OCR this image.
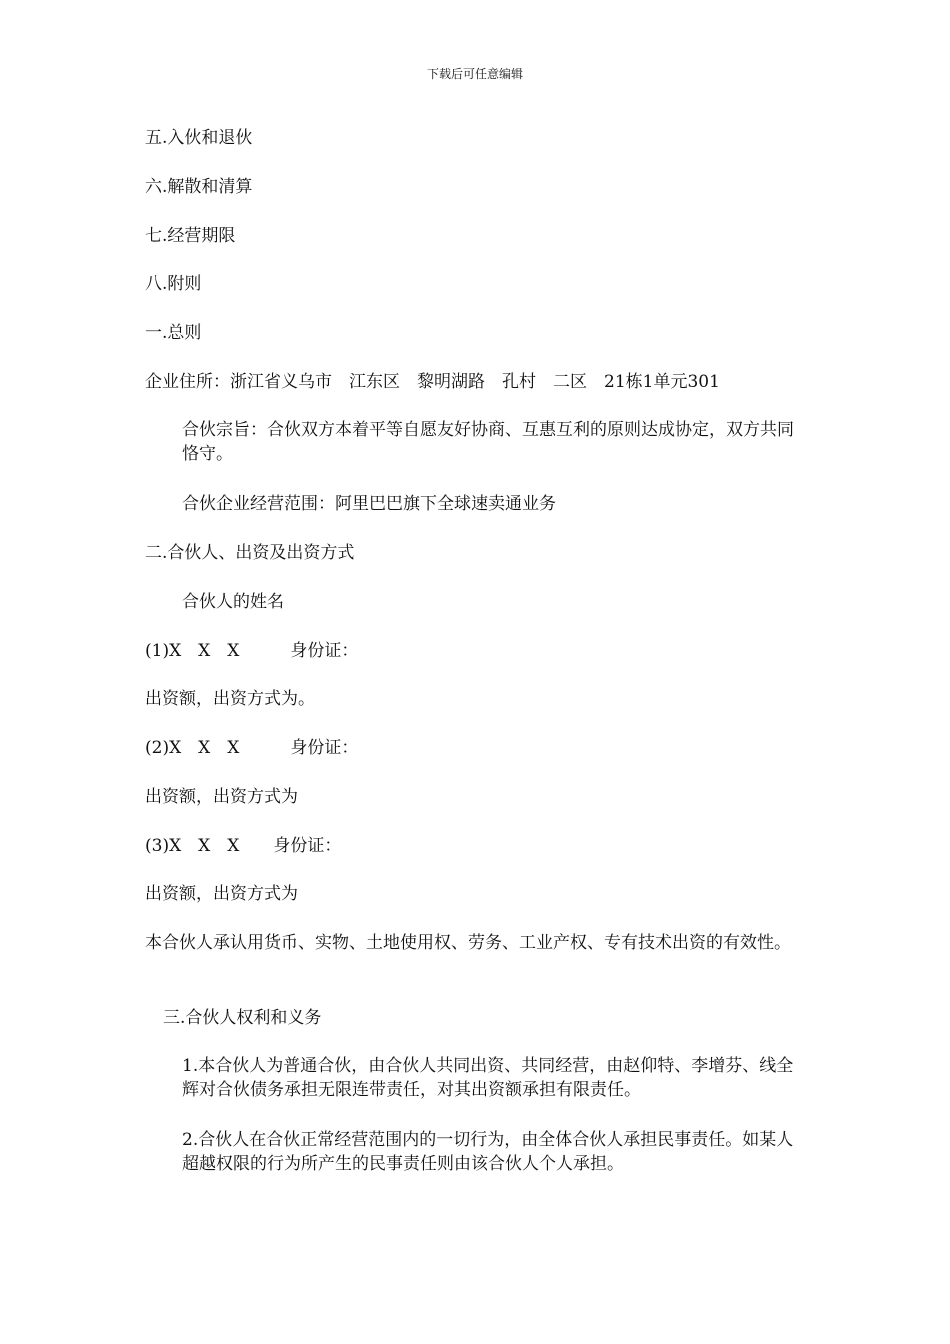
下载后可任意编辑

五.入伙和退伙

六.解散和清算

七.经营期限

八.附则

一.总则

企业住所：浙江省义乌市　江东区　黎明湖路　孔村　二区　21栋1单元301

合伙宗旨：合伙双方本着平等自愿友好协商、互惠互利的原则达成协定，双方共同恪守。

合伙企业经营范围：阿里巴巴旗下全球速卖通业务

二.合伙人、出资及出资方式

合伙人的姓名

(1)X　X　X　　　身份证：

出资额，出资方式为。

(2)X　X　X　　　身份证：

出资额，出资方式为

(3)X　X　X　　身份证：

出资额，出资方式为

本合伙人承认用货币、实物、土地使用权、劳务、工业产权、专有技术出资的有效性。

三.合伙人权利和义务

1.本合伙人为普通合伙，由合伙人共同出资、共同经营，由赵仰特、李增芬、线全辉对合伙债务承担无限连带责任，对其出资额承担有限责任。

2.合伙人在合伙正常经营范围内的一切行为，由全体合伙人承担民事责任。如某人超越权限的行为所产生的民事责任则由该合伙人个人承担。
